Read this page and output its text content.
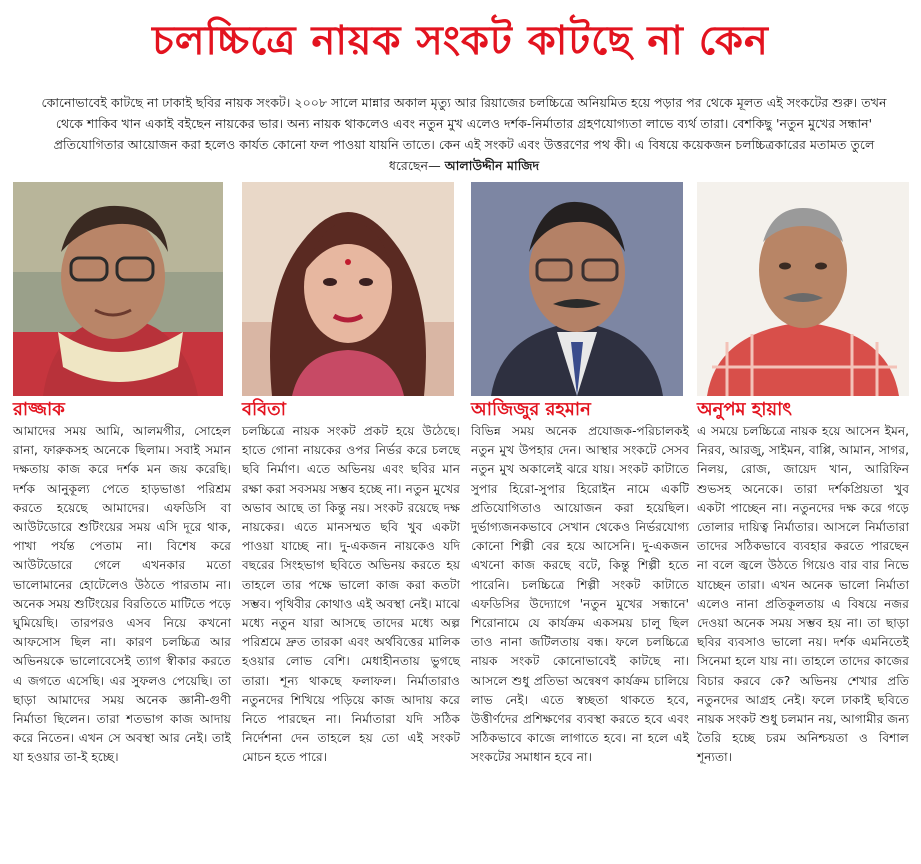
চলচ্চিত্রে নায়ক সংকট কাটছে না কেন
কোনোভাবেই কাটছে না ঢাকাই ছবির নায়ক সংকট। ২০০৮ সালে মান্নার অকাল মৃত্যু আর রিয়াজের চলচ্চিত্রে অনিয়মিত হয়ে পড়ার পর থেকে মূলত এই সংকটের শুরু। তখন থেকে শাকিব খান একাই বইছেন নায়কের ভার। অন্য নায়ক থাকলেও এবং নতুন মুখ এলেও দর্শক-নির্মাতার গ্রহণযোগ্যতা লাভে ব্যর্থ তারা। বেশকিছু 'নতুন মুখের সন্ধান' প্রতিযোগিতার আয়োজন করা হলেও কার্যত কোনো ফল পাওয়া যায়নি তাতে। কেন এই সংকট এবং উত্তরণের পথ কী। এ বিষয়ে কয়েকজন চলচ্চিত্রকারের মতামত তুলে ধরেছেন— আলাউদ্দীন মাজিদ
রাজ্জাক
আমাদের সময় আমি, আলমগীর, সোহেল রানা, ফারুকসহ অনেকে ছিলাম। সবাই সমান দক্ষতায় কাজ করে দর্শক মন জয় করেছি। দর্শক আনুকূল্য পেতে হাড়ভাঙা পরিশ্রম করতে হয়েছে আমাদের। এফডিসি বা আউটডোরে শুটিংয়ের সময় এসি দূরে থাক, পাখা পর্যন্ত পেতাম না। বিশেষ করে আউটডোরে গেলে এখনকার মতো ভালোমানের হোটেলেও উঠতে পারতাম না। অনেক সময় শুটিংয়ের বিরতিতে মাটিতে পড়ে ঘুমিয়েছি। তারপরও এসব নিয়ে কখনো আফসোস ছিল না। কারণ চলচ্চিত্র আর অভিনয়কে ভালোবেসেই ত্যাগ স্বীকার করতে এ জগতে এসেছি। এর সুফলও পেয়েছি। তা ছাড়া আমাদের সময় অনেক জ্ঞানী-গুণী নির্মাতা ছিলেন। তারা শতভাগ কাজ আদায় করে নিতেন। এখন সে অবস্থা আর নেই। তাই যা হওয়ার তা-ই হচ্ছে।
ববিতা
চলচ্চিত্রে নায়ক সংকট প্রকট হয়ে উঠেছে। হাতে গোনা নায়কের ওপর নির্ভর করে চলছে ছবি নির্মাণ। এতে অভিনয় এবং ছবির মান রক্ষা করা সবসময় সম্ভব হচ্ছে না। নতুন মুখের অভাব আছে তা কিন্তু নয়। সংকট রয়েছে দক্ষ নায়কের। এতে মানসম্মত ছবি খুব একটা পাওয়া যাচ্ছে না। দু-একজন নায়কেও যদি বছরের সিংহভাগ ছবিতে অভিনয় করতে হয় তাহলে তার পক্ষে ভালো কাজ করা কতটা সম্ভব। পৃথিবীর কোথাও এই অবস্থা নেই। মাঝে মধ্যে নতুন যারা আসছে তাদের মধ্যে অল্প পরিশ্রমে দ্রুত তারকা এবং অর্থবিত্তের মালিক হওয়ার লোভ বেশি। মেধাহীনতায় ভুগছে তারা। শূন্য থাকছে ফলাফল। নির্মাতারাও নতুনদের শিখিয়ে পড়িয়ে কাজ আদায় করে নিতে পারছেন না। নির্মাতারা যদি সঠিক নির্দেশনা দেন তাহলে হয় তো এই সংকট মোচন হতে পারে।
আজিজুর রহমান
বিভিন্ন সময় অনেক প্রযোজক-পরিচালকই নতুন মুখ উপহার দেন। আস্থার সংকটে সেসব নতুন মুখ অকালেই ঝরে যায়। সংকট কাটাতে সুপার হিরো-সুপার হিরোইন নামে একটি প্রতিযোগিতাও আয়োজন করা হয়েছিল। দুর্ভাগ্যজনকভাবে সেখান থেকেও নির্ভরযোগ্য কোনো শিল্পী বের হয়ে আসেনি। দু-একজন এখনো কাজ করছে বটে, কিন্তু শিল্পী হতে পারেনি। চলচ্চিত্রে শিল্পী সংকট কাটাতে এফডিসির উদ্যোগে 'নতুন মুখের সন্ধানে' শিরোনামে যে কার্যক্রম একসময় চালু ছিল তাও নানা জটিলতায় বন্ধ। ফলে চলচ্চিত্রে নায়ক সংকট কোনোভাবেই কাটছে না। আসলে শুধু প্রতিভা অন্বেষণ কার্যক্রম চালিয়ে লাভ নেই। এতে স্বচ্ছতা থাকতে হবে, উত্তীর্ণদের প্রশিক্ষণের ব্যবস্থা করতে হবে এবং সঠিকভাবে কাজে লাগাতে হবে। না হলে এই সংকটের সমাধান হবে না।
অনুপম হায়াৎ
এ সময়ে চলচ্চিত্রে নায়ক হয়ে আসেন ইমন, নিরব, আরজু, সাইমন, বাপ্পি, আমান, সাগর, নিলয়, রোজ, জায়েদ খান, আরিফিন শুভসহ অনেকে। তারা দর্শকপ্রিয়তা খুব একটা পাচ্ছেন না। নতুনদের দক্ষ করে গড়ে তোলার দায়িত্ব নির্মাতার। আসলে নির্মাতারা তাদের সঠিকভাবে ব্যবহার করতে পারছেন না বলে জ্বলে উঠতে গিয়েও বার বার নিভে যাচ্ছেন তারা। এখন অনেক ভালো নির্মাতা এলেও নানা প্রতিকূলতায় এ বিষয়ে নজর দেওয়া অনেক সময় সম্ভব হয় না। তা ছাড়া ছবির ব্যবসাও ভালো নয়। দর্শক এমনিতেই সিনেমা হলে যায় না। তাহলে তাদের কাজের বিচার করবে কে? অভিনয় শেখার প্রতি নতুনদের আগ্রহ নেই। ফলে ঢাকাই ছবিতে নায়ক সংকট শুধু চলমান নয়, আগামীর জন্য তৈরি হচ্ছে চরম অনিশ্চয়তা ও বিশাল শূন্যতা।
